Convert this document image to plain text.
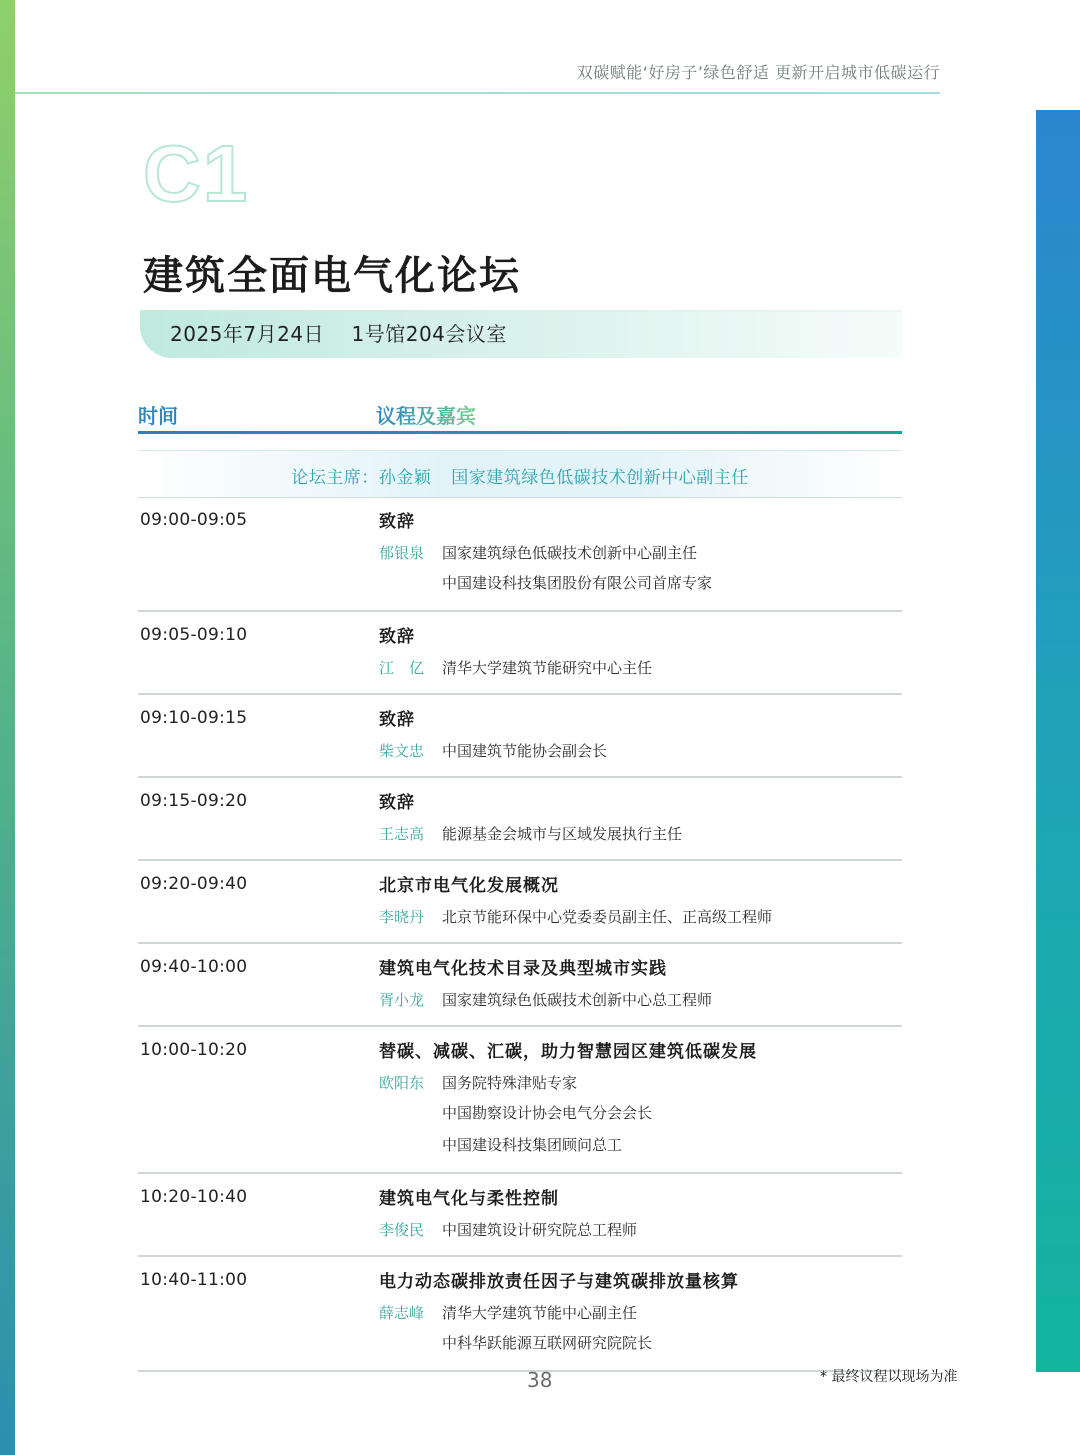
双碳赋能‘好房子’绿色舒适 更新开启城市低碳运行
C1
建筑全面电气化论坛
2025年7月24日    1号馆204会议室
时间	议程及嘉宾
论坛主席：孙金颖 国家建筑绿色低碳技术创新中心副主任
09:00-09:05	致辞
郁银泉	国家建筑绿色低碳技术创新中心副主任
中国建设科技集团股份有限公司首席专家
09:05-09:10	致辞
江　亿	清华大学建筑节能研究中心主任
09:10-09:15	致辞
柴文忠	中国建筑节能协会副会长
09:15-09:20	致辞
王志高	能源基金会城市与区域发展执行主任
09:20-09:40	北京市电气化发展概况
李晓丹	北京节能环保中心党委委员副主任、正高级工程师
09:40-10:00	建筑电气化技术目录及典型城市实践
胥小龙	国家建筑绿色低碳技术创新中心总工程师
10:00-10:20	替碳、减碳、汇碳，助力智慧园区建筑低碳发展
欧阳东	国务院特殊津贴专家
中国勘察设计协会电气分会会长
中国建设科技集团顾问总工
10:20-10:40	建筑电气化与柔性控制
李俊民	中国建筑设计研究院总工程师
10:40-11:00	电力动态碳排放责任因子与建筑碳排放量核算
薛志峰	清华大学建筑节能中心副主任
中科华跃能源互联网研究院院长
38	* 最终议程以现场为准
